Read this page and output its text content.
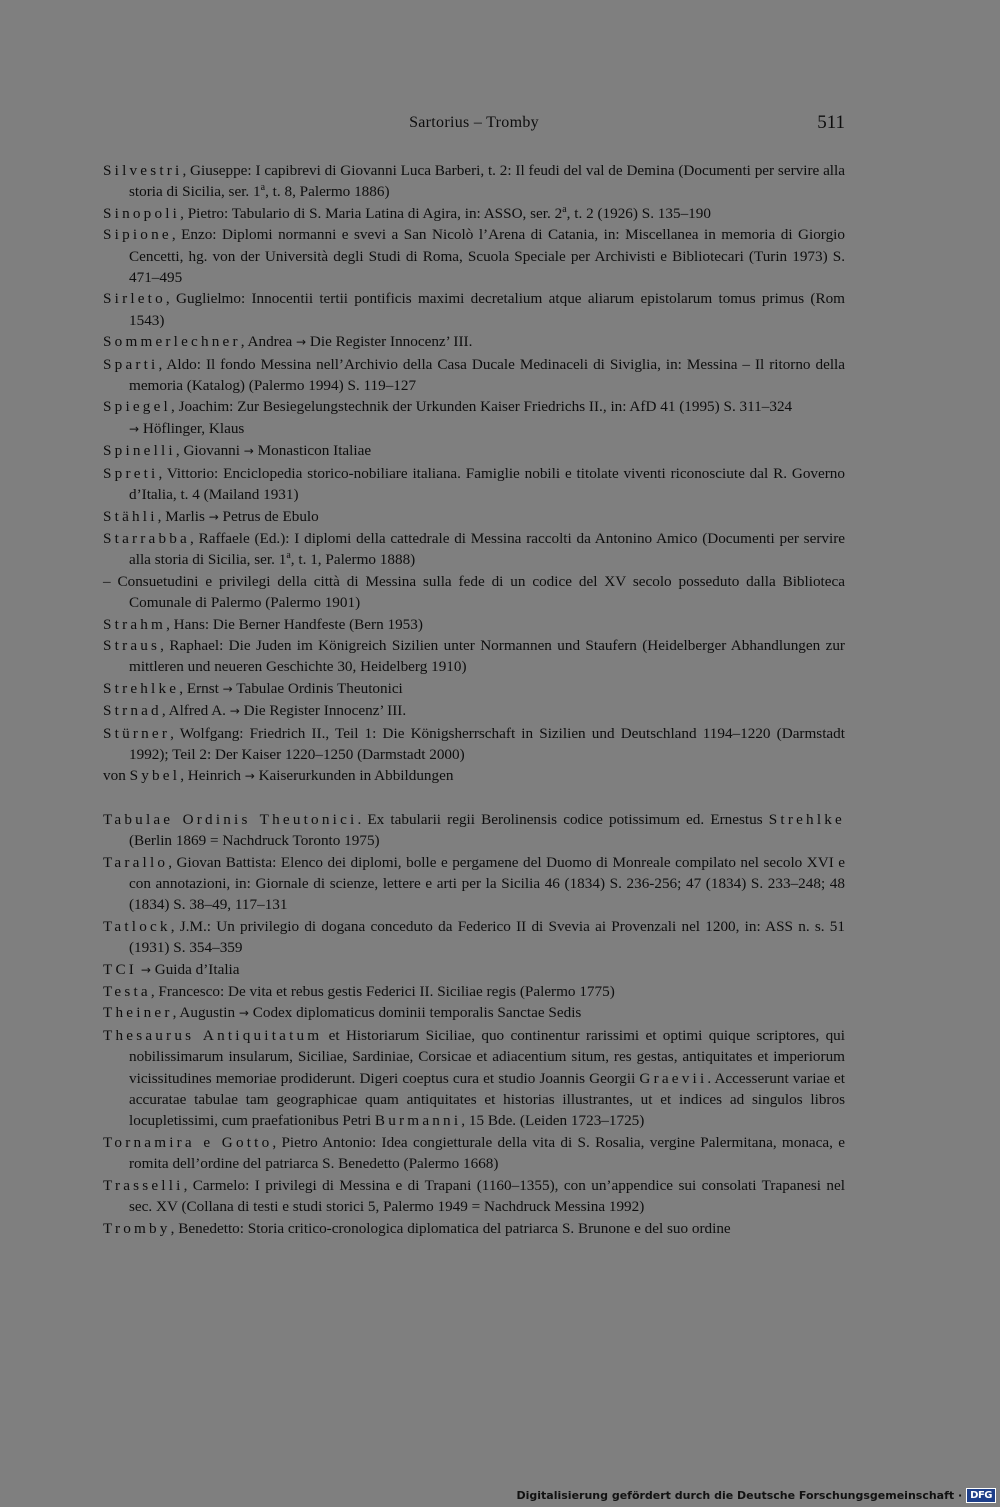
Sartorius – Tromby	511

Silvestri, Giuseppe: I capibrevi di Giovanni Luca Barberi, t. 2: Il feudi del val de Demina (Documenti per servire alla storia di Sicilia, ser. 1$^a$, t. 8, Palermo 1886)

Sinopoli, Pietro: Tabulario di S. Maria Latina di Agira, in: ASSO, ser. 2$^a$, t. 2 (1926) S. 135–190

Sipione, Enzo: Diplomi normanni e svevi a San Nicolò l’Arena di Catania, in: Miscellanea in memoria di Giorgio Cencetti, hg. von der Università degli Studi di Roma, Scuola Speciale per Archivisti e Bibliotecari (Turin 1973) S. 471–495

Sirleto, Guglielmo: Innocentii tertii pontificis maximi decretalium atque aliarum epistolarum tomus primus (Rom 1543)

Sommerlechner, Andrea → Die Register Innocenz’ III.

Sparti, Aldo: Il fondo Messina nell’Archivio della Casa Ducale Medinaceli di Siviglia, in: Messina – Il ritorno della memoria (Katalog) (Palermo 1994) S. 119–127

Spiegel, Joachim: Zur Besiegelungstechnik der Urkunden Kaiser Friedrichs II., in: AfD 41 (1995) S. 311–324

→ Höflinger, Klaus

Spinelli, Giovanni → Monasticon Italiae

Spreti, Vittorio: Enciclopedia storico-nobiliare italiana. Famiglie nobili e titolate viventi riconosciute dal R. Governo d’Italia, t. 4 (Mailand 1931)

Stähli, Marlis → Petrus de Ebulo

Starrabba, Raffaele (Ed.): I diplomi della cattedrale di Messina raccolti da Antonino Amico (Documenti per servire alla storia di Sicilia, ser. 1$^a$, t. 1, Palermo 1888)

– Consuetudini e privilegi della città di Messina sulla fede di un codice del XV secolo posseduto dalla Biblioteca Comunale di Palermo (Palermo 1901)

Strahm, Hans: Die Berner Handfeste (Bern 1953)

Straus, Raphael: Die Juden im Königreich Sizilien unter Normannen und Staufern (Heidelberger Abhandlungen zur mittleren und neueren Geschichte 30, Heidelberg 1910)

Strehlke, Ernst → Tabulae Ordinis Theutonici

Strnad, Alfred A. → Die Register Innocenz’ III.

Stürner, Wolfgang: Friedrich II., Teil 1: Die Königsherrschaft in Sizilien und Deutschland 1194–1220 (Darmstadt 1992); Teil 2: Der Kaiser 1220–1250 (Darmstadt 2000)

von Sybel, Heinrich → Kaiserurkunden in Abbildungen

Tabulae Ordinis Theutonici. Ex tabularii regii Berolinensis codice potissimum ed. Ernestus Strehlke (Berlin 1869 = Nachdruck Toronto 1975)

Tarallo, Giovan Battista: Elenco dei diplomi, bolle e pergamene del Duomo di Monreale compilato nel secolo XVI e con annotazioni, in: Giornale di scienze, lettere e arti per la Sicilia 46 (1834) S. 236-256; 47 (1834) S. 233–248; 48 (1834) S. 38–49, 117–131

Tatlock, J.M.: Un privilegio di dogana conceduto da Federico II di Svevia ai Provenzali nel 1200, in: ASS n. s. 51 (1931) S. 354–359

TCI → Guida d’Italia

Testa, Francesco: De vita et rebus gestis Federici II. Siciliae regis (Palermo 1775)

Theiner, Augustin → Codex diplomaticus dominii temporalis Sanctae Sedis

Thesaurus Antiquitatum et Historiarum Siciliae, quo continentur rarissimi et optimi quique scriptores, qui nobilissimarum insularum, Siciliae, Sardiniae, Corsicae et adiacentium situm, res gestas, antiquitates et imperiorum vicissitudines memoriae prodiderunt. Digeri coeptus cura et studio Joannis Georgii Graevii. Accesserunt variae et accuratae tabulae tam geographicae quam antiquitates et historias illustrantes, ut et indices ad singulos libros locupletissimi, cum praefationibus Petri Burmanni, 15 Bde. (Leiden 1723–1725)

Tornamira e Gotto, Pietro Antonio: Idea congietturale della vita di S. Rosalia, vergine Palermitana, monaca, e romita dell’ordine del patriarca S. Benedetto (Palermo 1668)

Trasselli, Carmelo: I privilegi di Messina e di Trapani (1160–1355), con un’appendice sui consolati Trapanesi nel sec. XV (Collana di testi e studi storici 5, Palermo 1949 = Nachdruck Messina 1992)

Tromby, Benedetto: Storia critico-cronologica diplomatica del patriarca S. Brunone e del suo ordine

Digitalisierung gefördert durch die Deutsche Forschungsgemeinschaft · DFG
